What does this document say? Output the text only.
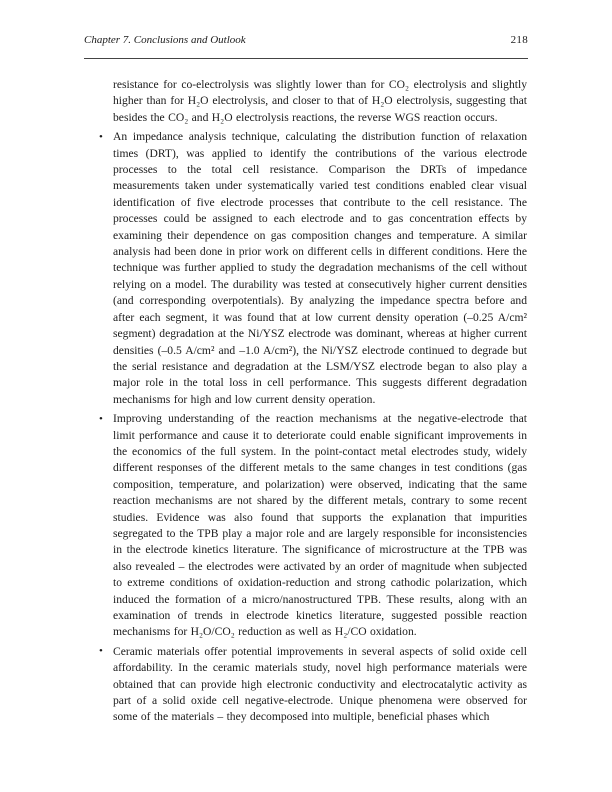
Chapter 7. Conclusions and Outlook	218

resistance for co-electrolysis was slightly lower than for CO₂ electrolysis and slightly higher than for H₂O electrolysis, and closer to that of H₂O electrolysis, suggesting that besides the CO₂ and H₂O electrolysis reactions, the reverse WGS reaction occurs.

• An impedance analysis technique, calculating the distribution function of relaxation times (DRT), was applied to identify the contributions of the various electrode processes to the total cell resistance. Comparison the DRTs of impedance measurements taken under systematically varied test conditions enabled clear visual identification of five electrode processes that contribute to the cell resistance. The processes could be assigned to each electrode and to gas concentration effects by examining their dependence on gas composition changes and temperature. A similar analysis had been done in prior work on different cells in different conditions. Here the technique was further applied to study the degradation mechanisms of the cell without relying on a model. The durability was tested at consecutively higher current densities (and corresponding overpotentials). By analyzing the impedance spectra before and after each segment, it was found that at low current density operation (–0.25 A/cm² segment) degradation at the Ni/YSZ electrode was dominant, whereas at higher current densities (–0.5 A/cm² and –1.0 A/cm²), the Ni/YSZ electrode continued to degrade but the serial resistance and degradation at the LSM/YSZ electrode began to also play a major role in the total loss in cell performance. This suggests different degradation mechanisms for high and low current density operation.
• Improving understanding of the reaction mechanisms at the negative-electrode that limit performance and cause it to deteriorate could enable significant improvements in the economics of the full system. In the point-contact metal electrodes study, widely different responses of the different metals to the same changes in test conditions (gas composition, temperature, and polarization) were observed, indicating that the same reaction mechanisms are not shared by the different metals, contrary to some recent studies. Evidence was also found that supports the explanation that impurities segregated to the TPB play a major role and are largely responsible for inconsistencies in the electrode kinetics literature. The significance of microstructure at the TPB was also revealed – the electrodes were activated by an order of magnitude when subjected to extreme conditions of oxidation-reduction and strong cathodic polarization, which induced the formation of a micro/nanostructured TPB. These results, along with an examination of trends in electrode kinetics literature, suggested possible reaction mechanisms for H₂O/CO₂ reduction as well as H₂/CO oxidation.
• Ceramic materials offer potential improvements in several aspects of solid oxide cell affordability. In the ceramic materials study, novel high performance materials were obtained that can provide high electronic conductivity and electrocatalytic activity as part of a solid oxide cell negative-electrode. Unique phenomena were observed for some of the materials – they decomposed into multiple, beneficial phases which
